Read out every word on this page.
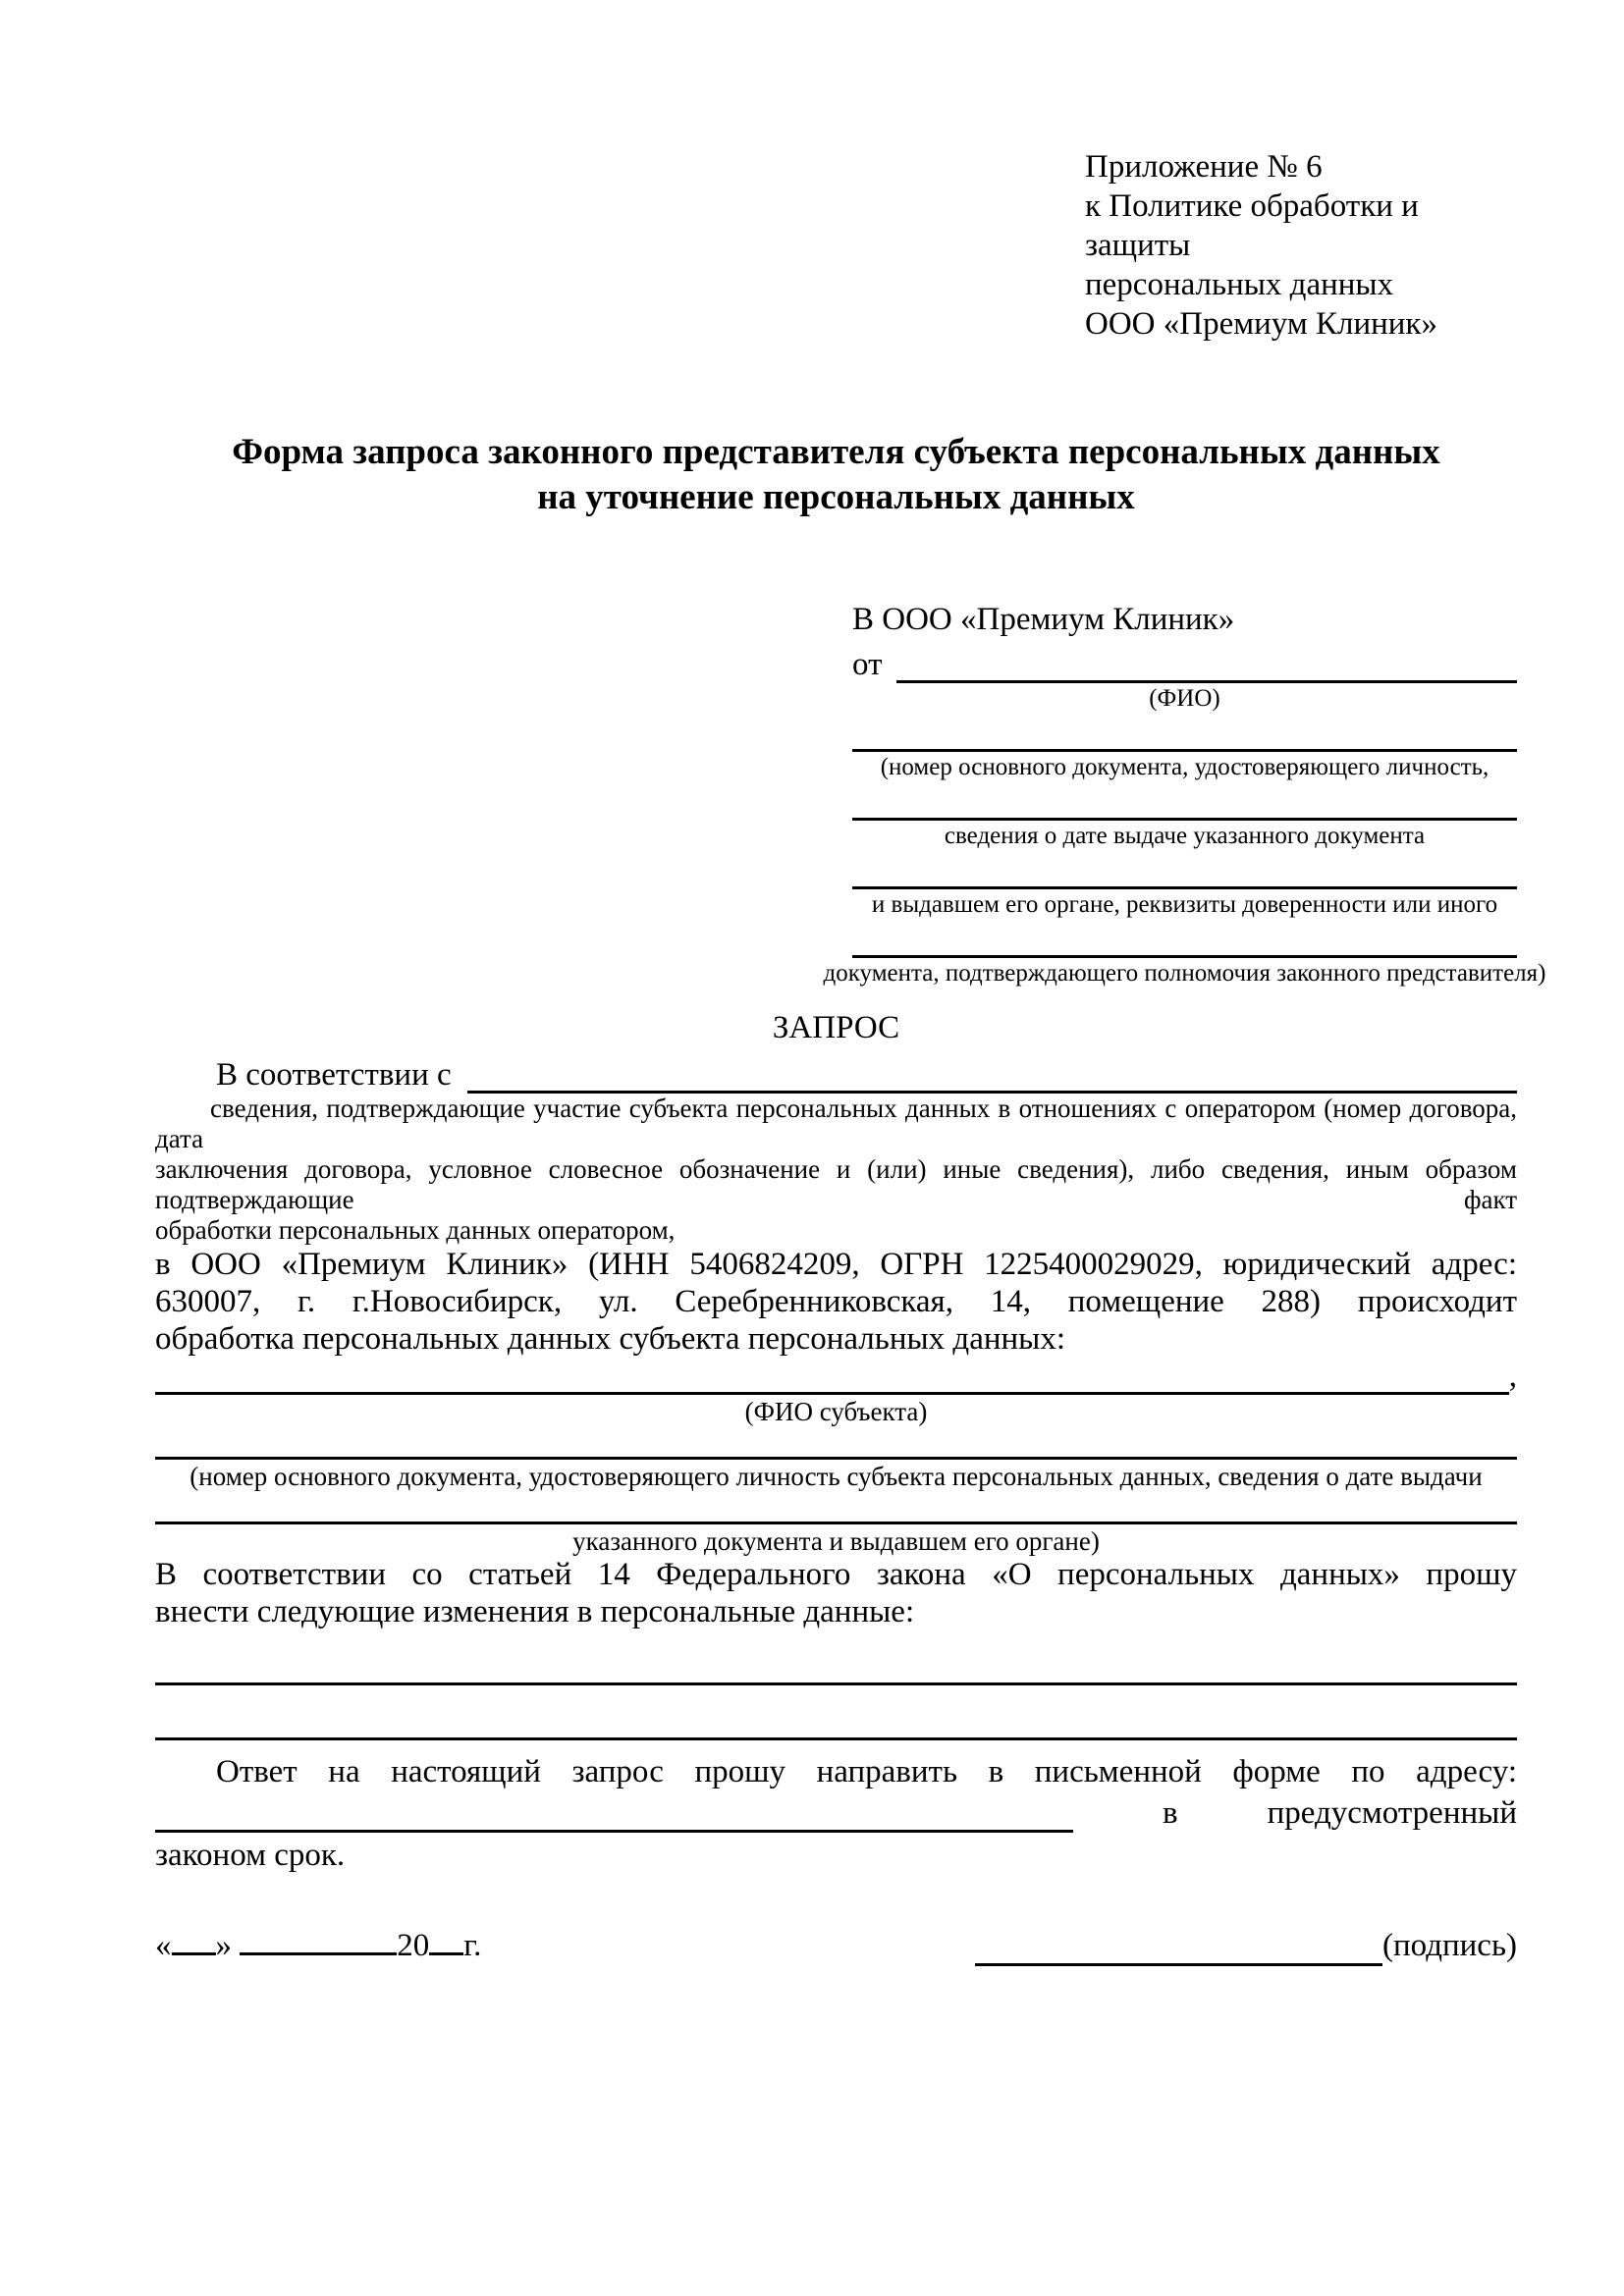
Приложение № 6
к Политике обработки и защиты
персональных данных
ООО «Премиум Клиник»
Форма запроса законного представителя субъекта персональных данных
на уточнение персональных данных
В ООО «Премиум Клиник»
от
(ФИО)
(номер основного документа, удостоверяющего личность,
сведения о дате выдаче указанного документа
и выдавшем его органе, реквизиты доверенности или иного
документа, подтверждающего полномочия законного представителя)
ЗАПРОС
В соответствии с
сведения, подтверждающие участие субъекта персональных данных в отношениях с оператором (номер договора, дата
заключения договора, условное словесное обозначение и (или) иные сведения), либо сведения, иным образом подтверждающие факт
обработки персональных данных оператором,
в ООО «Премиум Клиник» (ИНН 5406824209, ОГРН 1225400029029, юридический адрес:
630007, г. г.Новосибирск, ул. Серебренниковская, 14, помещение 288) происходит
обработка персональных данных субъекта персональных данных:
,
(ФИО субъекта)
(номер основного документа, удостоверяющего личность субъекта персональных данных, сведения о дате выдачи
указанного документа и выдавшем его органе)
В соответствии со статьей 14 Федерального закона «О персональных данных» прошу
внести следующие изменения в персональные данные:
Ответ на настоящий запрос прошу направить в письменной форме по адресу:
в	предусмотренный
законом срок.
« »	20 г.	(подпись)
